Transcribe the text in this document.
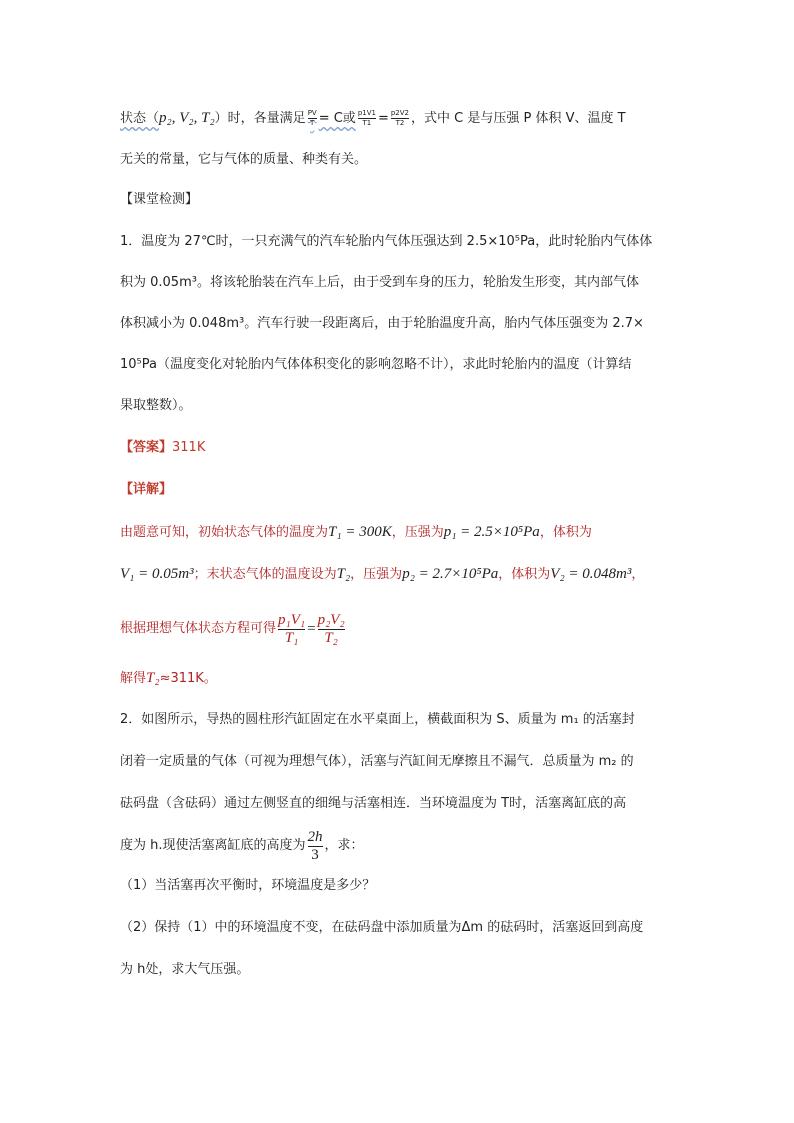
状态（p₂, V₂, T₂）时，各量满足 $\frac{PV}{T} = C$或 $\frac{p1V1}{T1} = \frac{p2V2}{T2}$ ，式中 C 是与压强 P 体积 V、温度 T
无关的常量，它与气体的质量、种类有关。
【课堂检测】
1．温度为 27℃时，一只充满气的汽车轮胎内气体压强达到 2.5×10⁵Pa，此时轮胎内气体体
积为 0.05m³。将该轮胎装在汽车上后，由于受到车身的压力，轮胎发生形变，其内部气体
体积减小为 0.048m³。汽车行驶一段距离后，由于轮胎温度升高，胎内气体压强变为 2.7×
10⁵Pa（温度变化对轮胎内气体体积变化的影响忽略不计），求此时轮胎内的温度（计算结
果取整数）。
【答案】311K
【详解】
由题意可知，初始状态气体的温度为T₁ = 300K，压强为p₁ = 2.5×10⁵Pa，体积为
V₁ = 0.05m³；末状态气体的温度设为T₂，压强为p₂ = 2.7×10⁵Pa，体积为V₂ = 0.048m³，
根据理想气体状态方程可得 $\frac{\text{p₁V₁}}{\text{T₁}} = \frac{\text{p₂V₂}}{\text{T₂}}$
解得T₂≈311K。
2．如图所示，导热的圆柱形汽缸固定在水平桌面上，横截面积为 S、质量为 m₁ 的活塞封
闭着一定质量的气体（可视为理想气体），活塞与汽缸间无摩擦且不漏气．总质量为 m₂ 的
砝码盘（含砝码）通过左侧竖直的细绳与活塞相连．当环境温度为 T时，活塞离缸底的高
度为 h.现使活塞离缸底的高度为 $\frac{2h}{3}$ ，求：
（1）当活塞再次平衡时，环境温度是多少？
（2）保持（1）中的环境温度不变，在砝码盘中添加质量为Δm 的砝码时，活塞返回到高度
为 h处，求大气压强。
